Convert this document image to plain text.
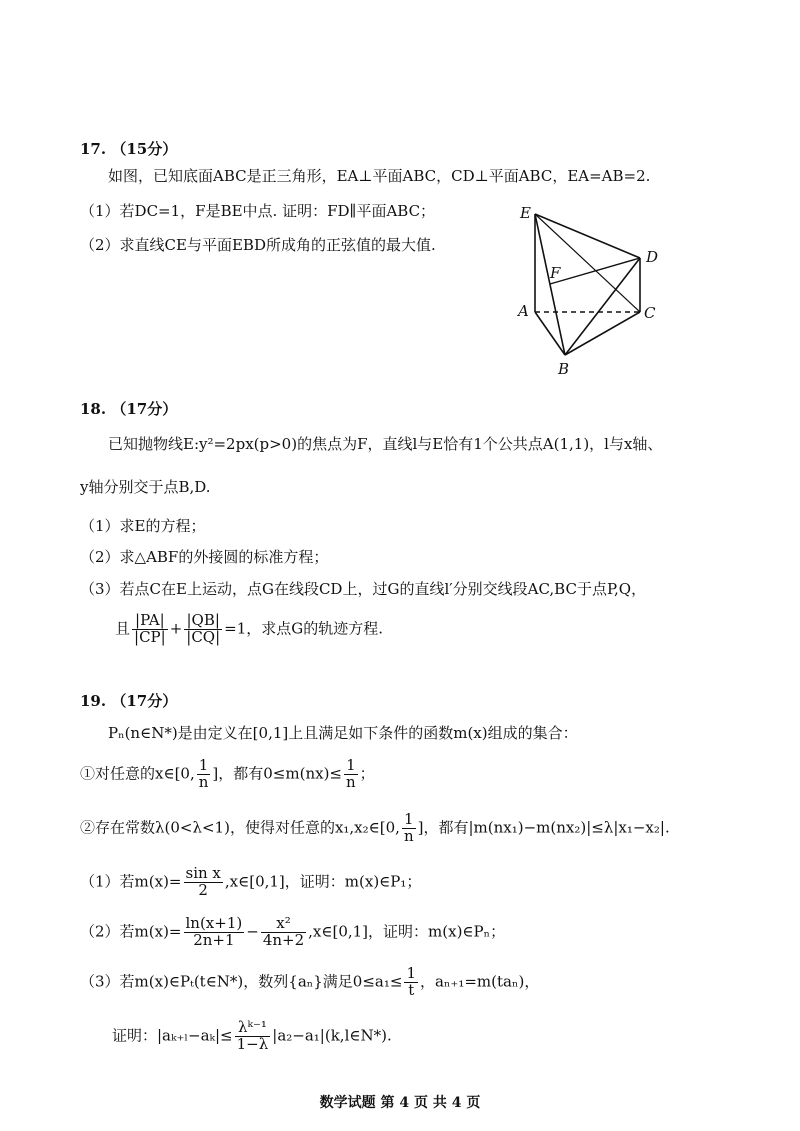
17. （15分）
如图，已知底面ABC是正三角形，EA⊥平面ABC，CD⊥平面ABC，EA=AB=2.
（1）若DC=1，F是BE中点. 证明：FD∥平面ABC；
（2）求直线CE与平面EBD所成角的正弦值的最大值.
E
D
F
A	C
B
18. （17分）
已知抛物线E:y²=2px(p>0)的焦点为F，直线l与E恰有1个公共点A(1,1)，l与x轴、
y轴分别交于点B,D.
（1）求E的方程；
（2）求△ABF的外接圆的标准方程；
（3）若点C在E上运动，点G在线段CD上，过G的直线l′分别交线段AC,BC于点P,Q，
且 $\frac{|PA|}{|CP|} + \frac{|QB|}{|CQ|} =1$，求点G的轨迹方程.
19. （17分）
Pₙ(n∈N*)是由定义在[0,1]上且满足如下条件的函数m(x)组成的集合：
①对任意的x∈[0, $\frac{1}{n}$ ]，都有$0\le m(nx)\le \frac{1}{n}$ ；
②存在常数λ(0<λ<1)，使得对任意的x₁,x₂∈[0, $\frac{1}{n}$ ]，都有|m(nx₁)−m(nx₂)|≤λ|x₁−x₂|.
（1）若$m(x)= \frac{\text{sin x}}{2}$ ,x∈[0,1]，证明：m(x)∈P₁；
（2）若$m(x)= \frac{\ln(x+1)}{2n+1} - \frac{\text{x²}}{4n+2}$ ,x∈[0,1]，证明：m(x)∈Pₙ；
（3）若m(x)∈Pₜ(t∈N*)，数列{aₙ}满足$0\le a_1\le \frac{1}{t}$ ，aₙ₊₁=m(taₙ)，
证明：$|a_{k+l}-a_k|\le \frac{\text{λᵏ⁻¹}}{1-\lambda}$ |a₂−a₁|(k,l∈N*).
数学试题 第 4 页 共 4 页
